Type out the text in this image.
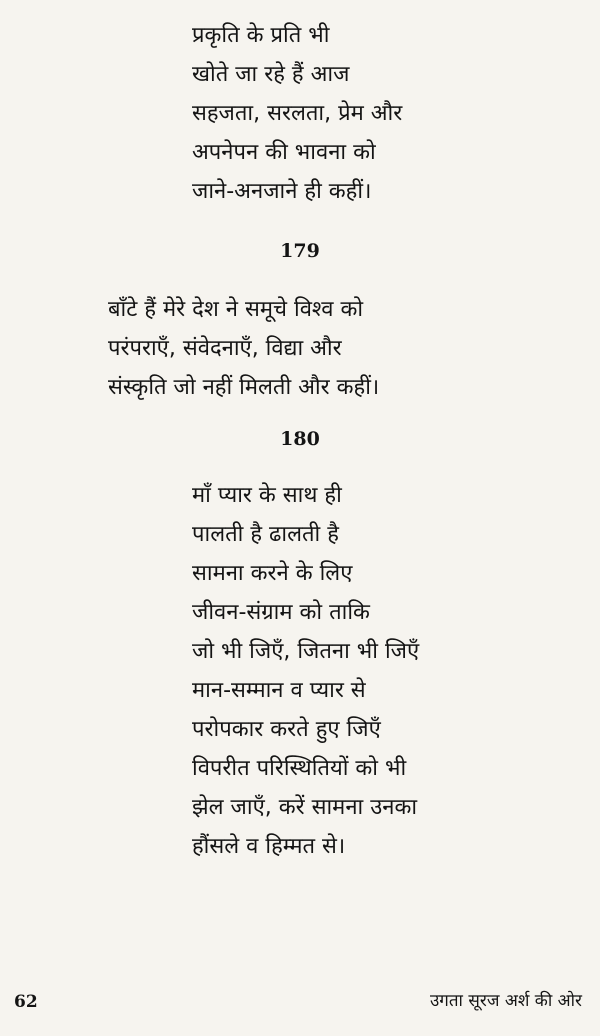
प्रकृति के प्रति भी
खोते जा रहे हैं आज
सहजता, सरलता, प्रेम और
अपनेपन की भावना को
जाने-अनजाने ही कहीं।
179
बाँटे हैं मेरे देश ने समूचे विश्व को
परंपराएँ, संवेदनाएँ, विद्या और
संस्कृति जो नहीं मिलती और कहीं।
180
माँ प्यार के साथ ही
पालती है ढालती है
सामना करने के लिए
जीवन-संग्राम को ताकि
जो भी जिएँ, जितना भी जिएँ
मान-सम्मान व प्यार से
परोपकार करते हुए जिएँ
विपरीत परिस्थितियों को भी
झेल जाएँ, करें सामना उनका
हौंसले व हिम्मत से।
62	उगता सूरज अर्श की ओर
